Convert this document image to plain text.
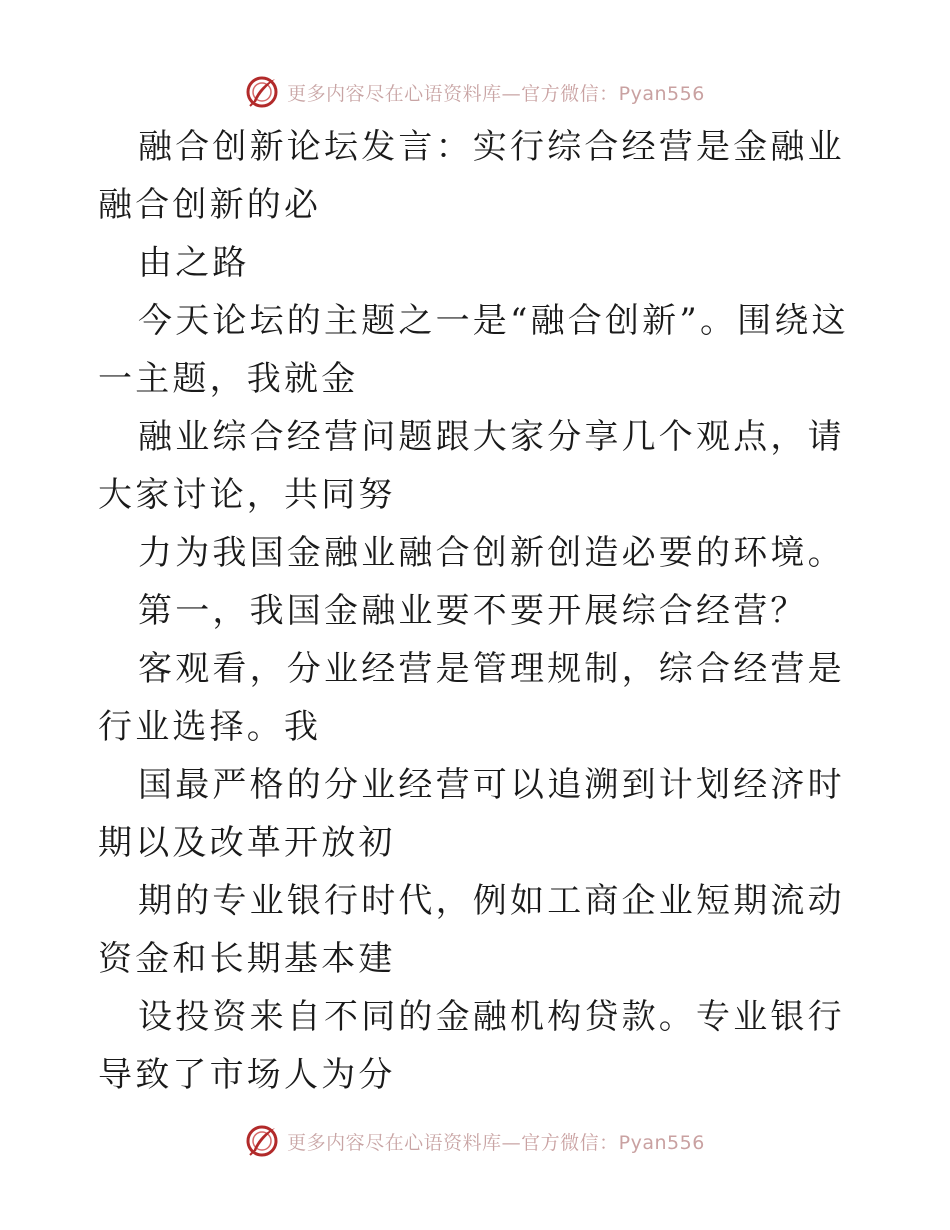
更多内容尽在心语资料库—官方微信：Pyan556

融合创新论坛发言：实行综合经营是金融业融合创新的必

由之路

今天论坛的主题之一是“融合创新”。围绕这一主题，我就金

融业综合经营问题跟大家分享几个观点，请大家讨论，共同努

力为我国金融业融合创新创造必要的环境。

第一，我国金融业要不要开展综合经营？

客观看，分业经营是管理规制，综合经营是行业选择。我

国最严格的分业经营可以追溯到计划经济时期以及改革开放初

期的专业银行时代，例如工商企业短期流动资金和长期基本建

设投资来自不同的金融机构贷款。专业银行导致了市场人为分

更多内容尽在心语资料库—官方微信：Pyan556
